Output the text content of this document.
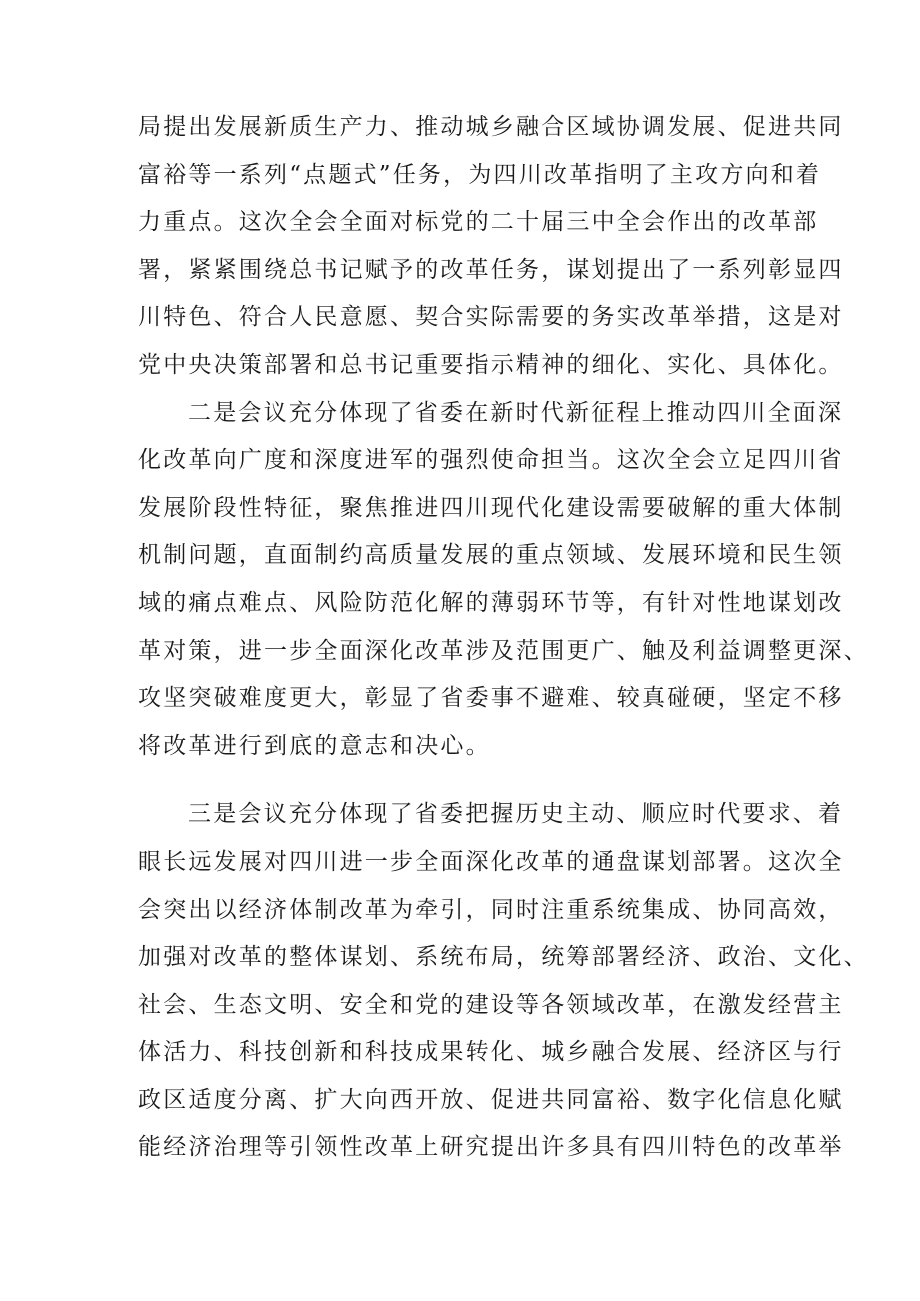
局提出发展新质生产力、推动城乡融合区域协调发展、促进共同
富裕等一系列“点题式”任务，为四川改革指明了主攻方向和着
力重点。这次全会全面对标党的二十届三中全会作出的改革部
署，紧紧围绕总书记赋予的改革任务，谋划提出了一系列彰显四
川特色、符合人民意愿、契合实际需要的务实改革举措，这是对
党中央决策部署和总书记重要指示精神的细化、实化、具体化。
二是会议充分体现了省委在新时代新征程上推动四川全面深
化改革向广度和深度进军的强烈使命担当。这次全会立足四川省
发展阶段性特征，聚焦推进四川现代化建设需要破解的重大体制
机制问题，直面制约高质量发展的重点领域、发展环境和民生领
域的痛点难点、风险防范化解的薄弱环节等，有针对性地谋划改
革对策，进一步全面深化改革涉及范围更广、触及利益调整更深、
攻坚突破难度更大，彰显了省委事不避难、较真碰硬，坚定不移
将改革进行到底的意志和决心。
三是会议充分体现了省委把握历史主动、顺应时代要求、着
眼长远发展对四川进一步全面深化改革的通盘谋划部署。这次全
会突出以经济体制改革为牵引，同时注重系统集成、协同高效，
加强对改革的整体谋划、系统布局，统筹部署经济、政治、文化、
社会、生态文明、安全和党的建设等各领域改革，在激发经营主
体活力、科技创新和科技成果转化、城乡融合发展、经济区与行
政区适度分离、扩大向西开放、促进共同富裕、数字化信息化赋
能经济治理等引领性改革上研究提出许多具有四川特色的改革举
